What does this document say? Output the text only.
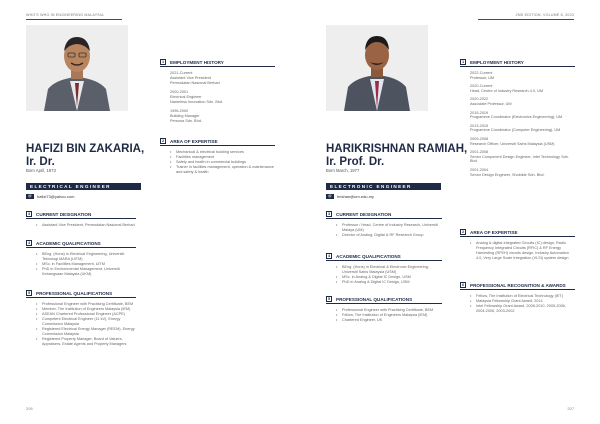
WHO'S WHO IN ENGINEERING MALAYSIA
HAFIZI BIN ZAKARIA,
Ir. Dr.
Born April, 1973
ELECTRICAL ENGINEER
@
hafizi73@yahoo.com
3	CURRENT DESIGNATION
• Assistant Vice President, Permodalan Nasional Berhad
4	ACADEMIC QUALIFICATIONS
• BEng. (Hons) in Electrical Engineering, Universiti Teknologi MARA (UiTM)
• MSc. in Facilities Management, UiTM
• PhD in Environmental Management, Universiti Kebangsaan Malaysia (UKM)
5	PROFESSIONAL QUALIFICATIONS
• Professional Engineer with Practising Certificate, BEM
• Member, The Institution of Engineers Malaysia (IEM)
• ASEAN Chartered Professional Engineer (ACPE)
• Competent Electrical Engineer (11 kV), Energy Commission Malaysia
• Registered Electrical Energy Manager (REEM), Energy Commission Malaysia
• Registered Property Manager, Board of Valuers, Appraisers, Estate Agents and Property Managers
1	EMPLOYMENT HISTORY
2021-Current
Assistant Vice President
Permodalan Nasional Berhad
2000-2001
Electrical Engineer
Nameless Innovation Sdn. Bhd.
1996-2000
Building Manager
Persona Sdn. Bhd.
2	AREA OF EXPERTISE
• Mechanical & electrical building services
• Facilities management
• Safety and health in commercial buildings
• Trainer in facilities management, operation & maintenance and safety & health
206
2ND EDITION, VOLUME 8, 2023
HARIKRISHNAN RAMIAH,
Ir. Prof. Dr.
Born March, 1977
ELECTRONIC ENGINEER
@
hrishan@um.edu.my
3	CURRENT DESIGNATION
• Professor / Head, Centre of Industry Research, Universiti Malaya (UM)
• Director of Analog, Digital & RF Research Group
4	ACADEMIC QUALIFICATIONS
• BEng. (Hons) in Electrical & Electronic Engineering, Universiti Sains Malaysia (USM)
• MSc. in Analog & Digital IC Design, USM
• PhD in Analog & Digital IC Design, USM
5	PROFESSIONAL QUALIFICATIONS
• Professional Engineer with Practising Certificate, BEM
• Fellow, The Institution of Engineers Malaysia (IEM)
• Chartered Engineer, UK
1	EMPLOYMENT HISTORY
2022-Current
Professor, UM
2020-Current
Head, Centre of Industry Research 4.0, UM
2020-2022
Associate Professor, UM
2015-2019
Programme Coordinator (Electronics Engineering), UM
2013-2015
Programme Coordinator (Computer Engineering), UM
2009-2008
Research Officer, Universiti Sains Malaysia (USM)
2001-2008
Senior Component Design Engineer, Intel Technology Sdn. Bhd.
2001-2004
Senior Design Engineer, Shoblide Sdn. Bhd.
2	AREA OF EXPERTISE
• Analog & digital Integrated Circuits (IC) design, Radio Frequency Integrated Circuits (RFIC) & RF Energy Harvesting (RFEH) circuits design, Industry Automation 4.0, Very Large Scale Integration (VLSI) system design
6	PROFESSIONAL RECOGNITION & AWARDS
• Fellow, The Institution of Electrical Technology (IET)
• Malaysia Fellowship Grant Award, 2014
• Intel Fellowship Grant Award, 2006-2010, 2005-2006, 2004-2005, 2003-2002
207
